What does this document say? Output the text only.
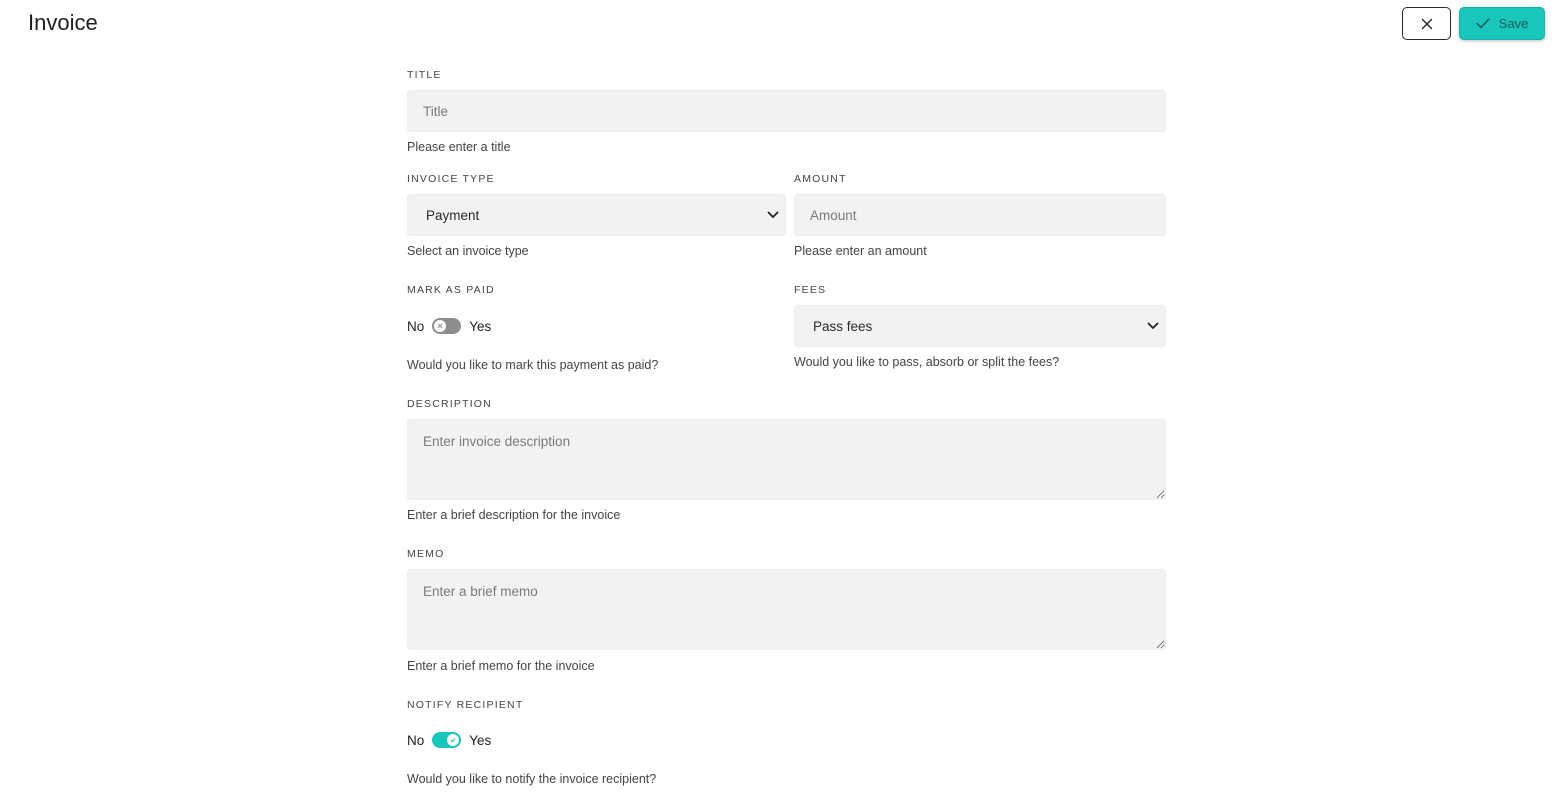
Invoice	Save
TITLE
Title
Please enter a title
INVOICE TYPE
Payment
Select an invoice type
AMOUNT
Amount
Please enter an amount
MARK AS PAID
No	Yes
Would you like to mark this payment as paid?
FEES
Pass fees
Would you like to pass, absorb or split the fees?
DESCRIPTION
Enter invoice description
Enter a brief description for the invoice
MEMO
Enter a brief memo
Enter a brief memo for the invoice
NOTIFY RECIPIENT
No	Yes
Would you like to notify the invoice recipient?
